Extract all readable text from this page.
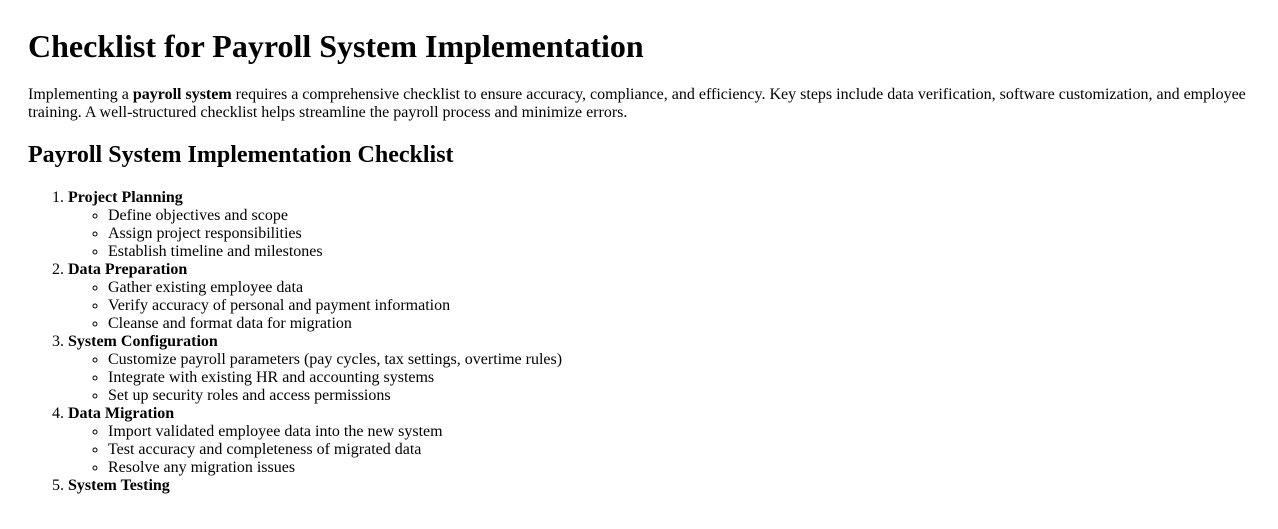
Checklist for Payroll System Implementation

Implementing a payroll system requires a comprehensive checklist to ensure accuracy, compliance, and efficiency. Key steps include data verification, software customization, and employee training. A well-structured checklist helps streamline the payroll process and minimize errors.

Payroll System Implementation Checklist
1. Project Planning
◦ Define objectives and scope
◦ Assign project responsibilities
◦ Establish timeline and milestones
2. Data Preparation
◦ Gather existing employee data
◦ Verify accuracy of personal and payment information
◦ Cleanse and format data for migration
3. System Configuration
◦ Customize payroll parameters (pay cycles, tax settings, overtime rules)
◦ Integrate with existing HR and accounting systems
◦ Set up security roles and access permissions
4. Data Migration
◦ Import validated employee data into the new system
◦ Test accuracy and completeness of migrated data
◦ Resolve any migration issues
5. System Testing
